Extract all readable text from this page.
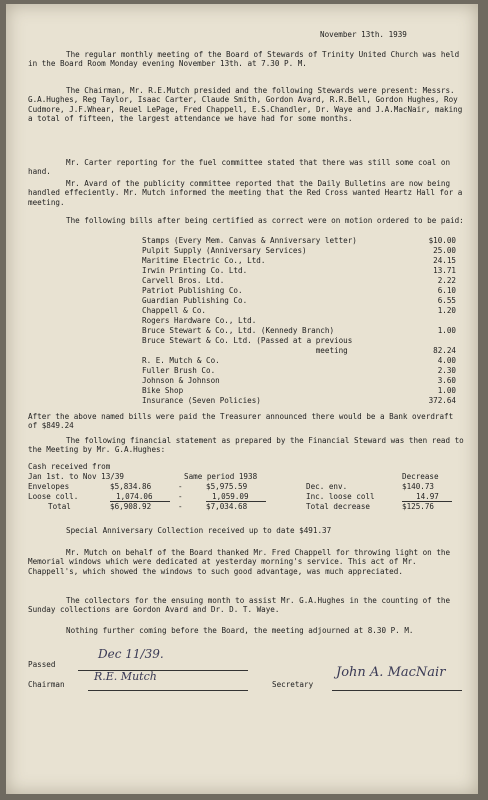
November 13th. 1939
The regular monthly meeting of the Board of Stewards of Trinity United Church was held in the Board Room Monday evening November 13th. at 7.30 P. M.
The Chairman, Mr. R.E.Mutch presided and the following Stewards were present: Messrs. G.A.Hughes, Reg Taylor, Isaac Carter, Claude Smith, Gordon Avard, R.R.Bell, Gordon Hughes, Roy Cudmore, J.F.Whear, Reuel LePage, Fred Chappell, E.S.Chandler, Dr. Waye and J.A.MacNair, making a total of fifteen, the largest attendance we have had for some months.
Mr. Carter reporting for the fuel committee stated that there was still some coal on hand.
Mr. Avard of the publicity committee reported that the Daily Bulletins are now being handled effeciently. Mr. Mutch informed the meeting that the Red Cross wanted Heartz Hall for a meeting.
The following bills after being certified as correct were on motion ordered to be paid:
Stamps (Every Mem. Canvas & Anniversary letter)	$10.00
Pulpit Supply (Anniversary Services)	25.00
Maritime Electric Co., Ltd.	24.15
Irwin Printing Co. Ltd.	13.71
Carvell Bros. Ltd.	2.22
Patriot Publishing Co.	6.10
Guardian Publishing Co.	6.55
Chappell & Co.	1.20
Rogers Hardware Co., Ltd.
Bruce Stewart & Co., Ltd. (Kennedy Branch)	1.00
Bruce Stewart & Co. Ltd. (Passed at a previous
meeting	82.24
R. E. Mutch & Co.	4.00
Fuller Brush Co.	2.30
Johnson & Johnson	3.60
Bike Shop	1.00
Insurance (Seven Policies)	372.64
After the above named bills were paid the Treasurer announced there would be a Bank overdraft of $849.24
The following financial statement as prepared by the Financial Steward was then read to the Meeting by Mr. G.A.Hughes:
Cash received from
Jan 1st. to Nov 13/39	Same period 1938	Decrease
Envelopes	$5,834.86	-	$5,975.59	Dec. env.	$140.73
Loose coll.	1,074.06	-	1,059.09	Inc. loose coll	14.97
Total	$6,908.92	-	$7,034.68	Total decrease	$125.76
Special Anniversary Collection received up to date $491.37
Mr. Mutch on behalf of the Board thanked Mr. Fred Chappell for throwing light on the Memorial windows which were dedicated at yesterday morning's service. This act of Mr. Chappell's, which showed the windows to such good advantage, was much appreciated.
The collectors for the ensuing month to assist Mr. G.A.Hughes in the counting of the Sunday collections are Gordon Avard and Dr. D. T. Waye.
Nothing further coming before the Board, the meeting adjourned at 8.30 P. M.
Passed
Dec 11/39.
Chairman
R.E. Mutch
Secretary
John A. MacNair
